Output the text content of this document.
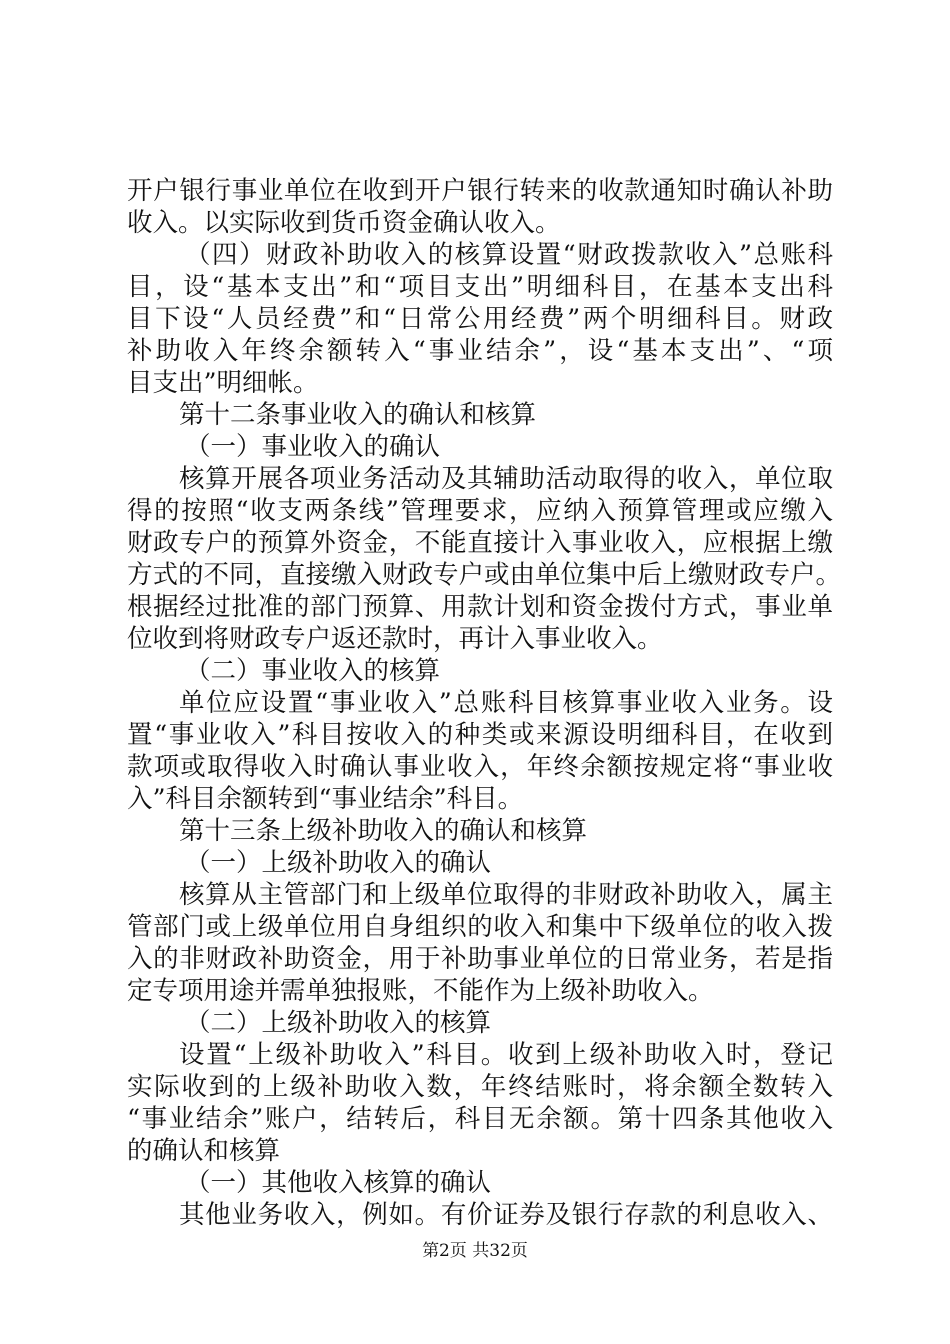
开户银行事业单位在收到开户银行转来的收款通知时确认补助
收入。以实际收到货币资金确认收入。
（四）财政补助收入的核算设置“财政拨款收入”总账科
目，设“基本支出”和“项目支出”明细科目，在基本支出科
目下设“人员经费”和“日常公用经费”两个明细科目。财政
补助收入年终余额转入“事业结余”，设“基本支出”、“项
目支出”明细帐。
第十二条事业收入的确认和核算
（一）事业收入的确认
核算开展各项业务活动及其辅助活动取得的收入，单位取
得的按照“收支两条线”管理要求，应纳入预算管理或应缴入
财政专户的预算外资金，不能直接计入事业收入，应根据上缴
方式的不同，直接缴入财政专户或由单位集中后上缴财政专户。
根据经过批准的部门预算、用款计划和资金拨付方式，事业单
位收到将财政专户返还款时，再计入事业收入。
（二）事业收入的核算
单位应设置“事业收入”总账科目核算事业收入业务。设
置“事业收入”科目按收入的种类或来源设明细科目，在收到
款项或取得收入时确认事业收入，年终余额按规定将“事业收
入”科目余额转到“事业结余”科目。
第十三条上级补助收入的确认和核算
（一）上级补助收入的确认
核算从主管部门和上级单位取得的非财政补助收入，属主
管部门或上级单位用自身组织的收入和集中下级单位的收入拨
入的非财政补助资金，用于补助事业单位的日常业务，若是指
定专项用途并需单独报账，不能作为上级补助收入。
（二）上级补助收入的核算
设置“上级补助收入”科目。收到上级补助收入时，登记
实际收到的上级补助收入数，年终结账时，将余额全数转入
“事业结余”账户，结转后，科目无余额。第十四条其他收入
的确认和核算
（一）其他收入核算的确认
其他业务收入，例如。有价证券及银行存款的利息收入、
第2页 共32页
